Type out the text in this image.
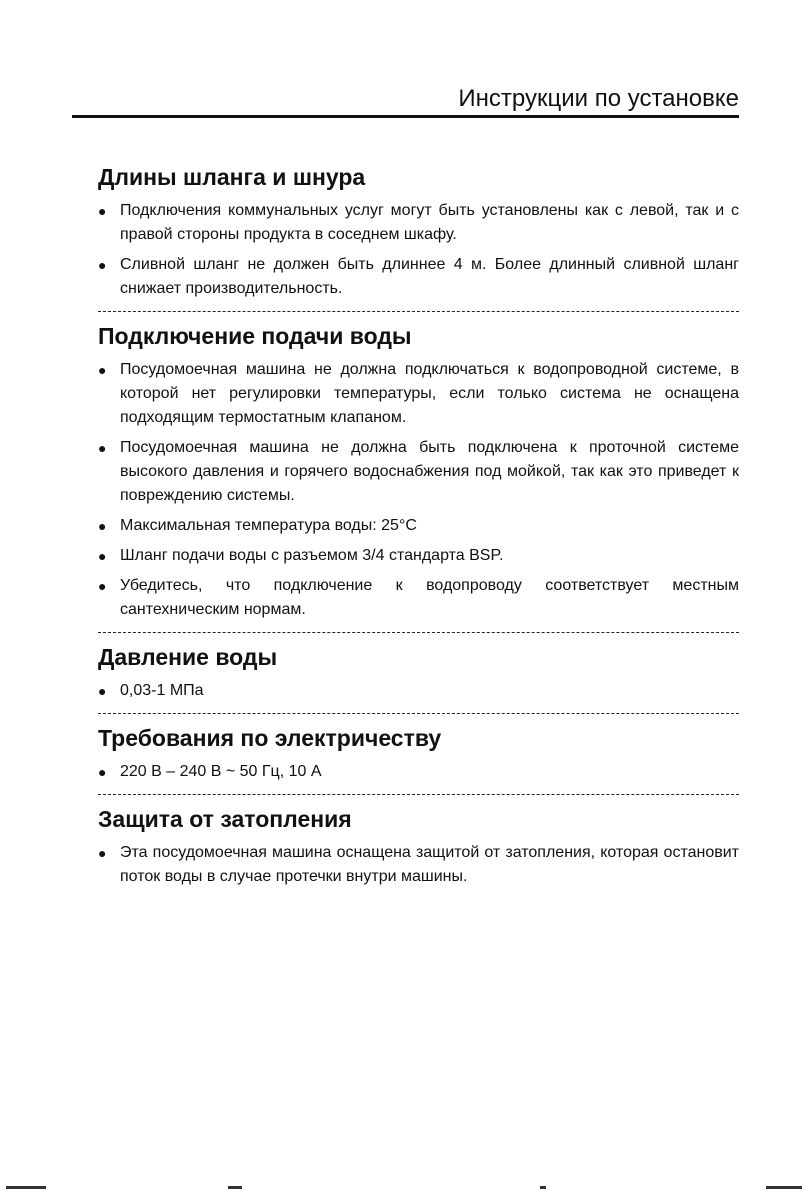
Инструкции по установке
Длины шланга и шнура
● Подключения коммунальных услуг могут быть установлены как с левой, так и с правой стороны продукта в соседнем шкафу.
● Сливной шланг не должен быть длиннее 4 м. Более длинный сливной шланг снижает производительность.
Подключение подачи воды
● Посудомоечная машина не должна подключаться к водопроводной системе, в которой нет регулировки температуры, если только система не оснащена подходящим термостатным клапаном.
● Посудомоечная машина не должна быть подключена к проточной системе высокого давления и горячего водоснабжения под мойкой, так как это приведет к повреждению системы.
● Максимальная температура воды: 25°С
● Шланг подачи воды с разъемом 3/4 стандарта BSP.
● Убедитесь, что подключение к водопроводу соответствует местным сантехническим нормам.
Давление воды
● 0,03-1 МПа
Требования по электричеству
● 220 В – 240 В ~ 50 Гц, 10 А
Защита от затопления
● Эта посудомоечная машина оснащена защитой от затопления, которая остановит поток воды в случае протечки внутри машины.
